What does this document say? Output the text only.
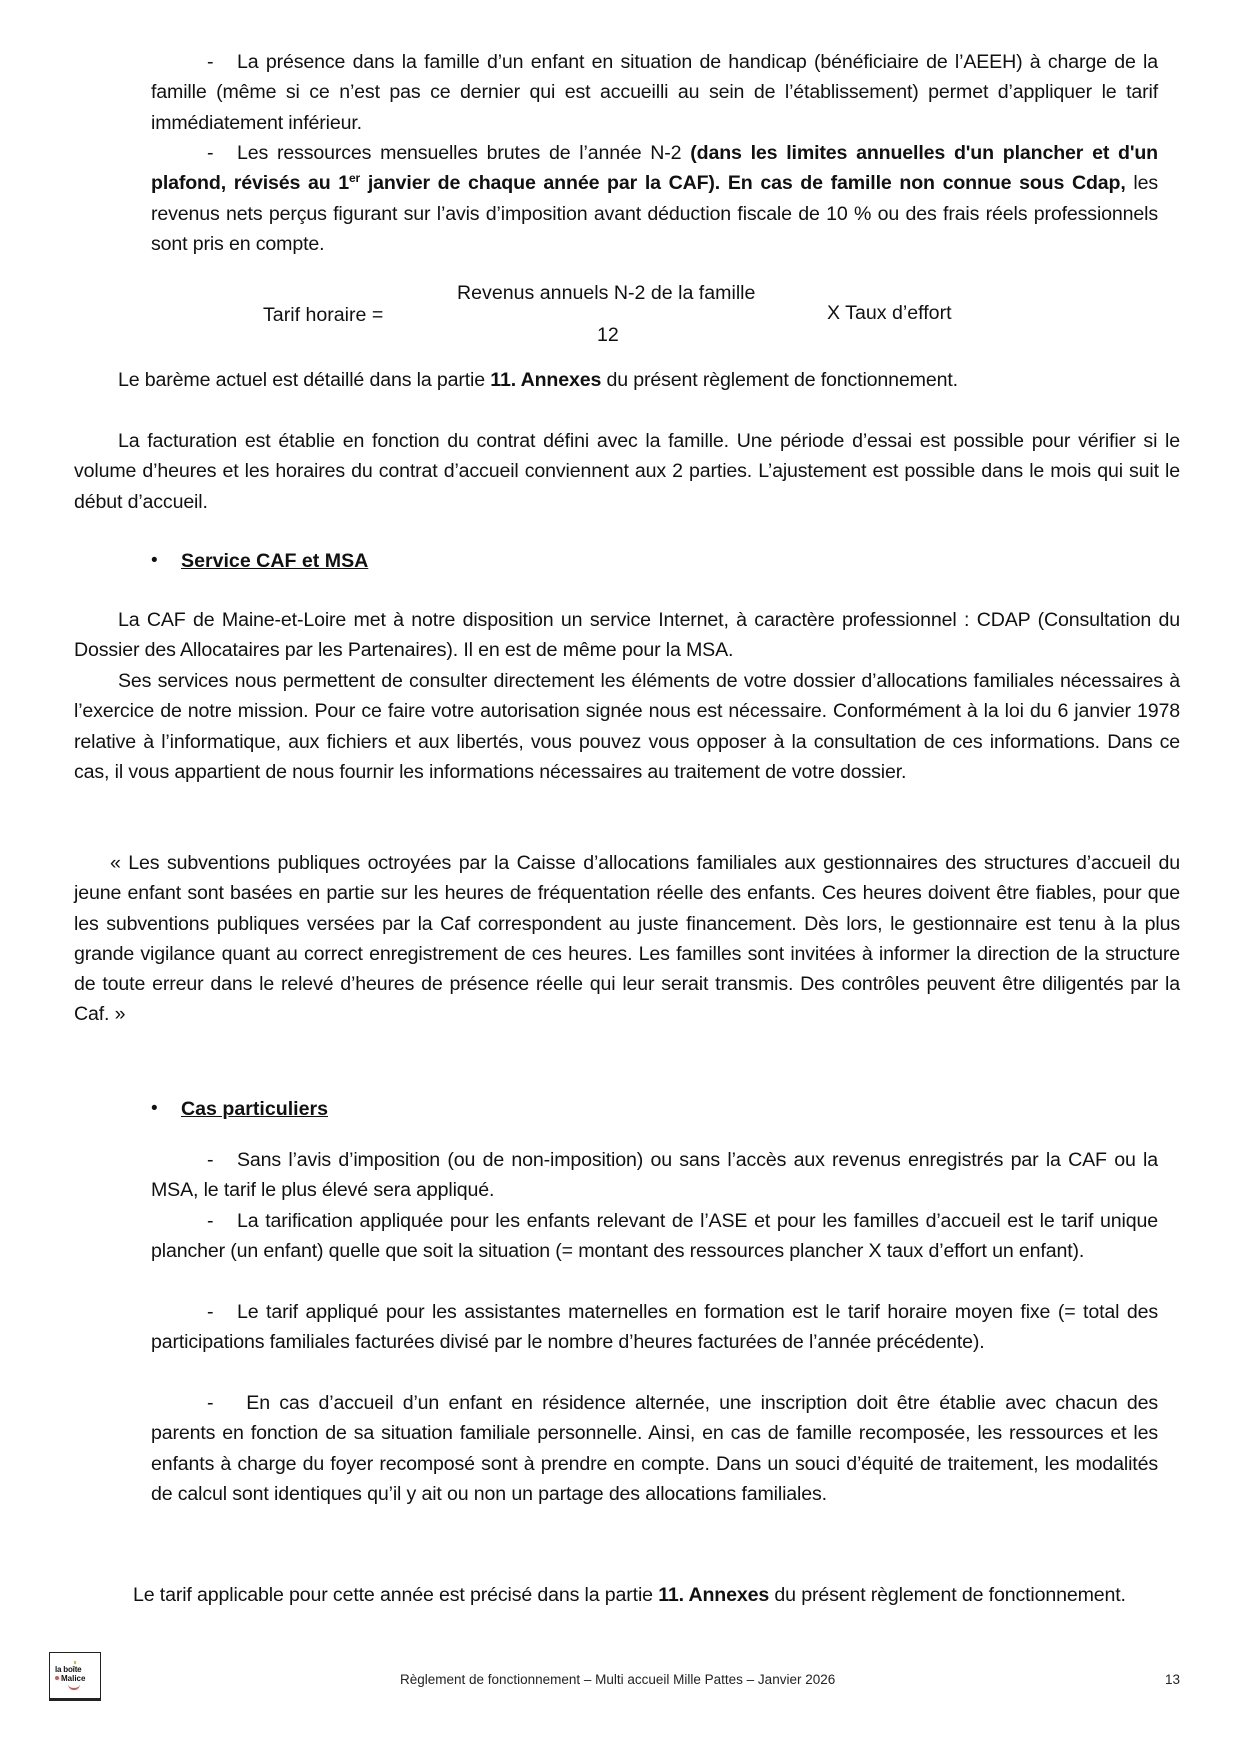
- La présence dans la famille d’un enfant en situation de handicap (bénéficiaire de l’AEEH) à charge de la famille (même si ce n’est pas ce dernier qui est accueilli au sein de l’établissement) permet d’appliquer le tarif immédiatement inférieur.
- Les ressources mensuelles brutes de l’année N-2 (dans les limites annuelles d'un plancher et d'un plafond, révisés au 1er janvier de chaque année par la CAF). En cas de famille non connue sous Cdap, les revenus nets perçus figurant sur l’avis d’imposition avant déduction fiscale de 10 % ou des frais réels professionnels sont pris en compte.
Tarif horaire =
Revenus annuels N-2 de la famille
12
X Taux d’effort
Le barème actuel est détaillé dans la partie 11. Annexes du présent règlement de fonctionnement.
La facturation est établie en fonction du contrat défini avec la famille. Une période d’essai est possible pour vérifier si le volume d’heures et les horaires du contrat d’accueil conviennent aux 2 parties. L’ajustement est possible dans le mois qui suit le début d’accueil.
•	Service CAF et MSA
La CAF de Maine-et-Loire met à notre disposition un service Internet, à caractère professionnel : CDAP (Consultation du Dossier des Allocataires par les Partenaires). Il en est de même pour la MSA.
Ses services nous permettent de consulter directement les éléments de votre dossier d’allocations familiales nécessaires à l’exercice de notre mission. Pour ce faire votre autorisation signée nous est nécessaire. Conformément à la loi du 6 janvier 1978 relative à l’informatique, aux fichiers et aux libertés, vous pouvez vous opposer à la consultation de ces informations. Dans ce cas, il vous appartient de nous fournir les informations nécessaires au traitement de votre dossier.
« Les subventions publiques octroyées par la Caisse d’allocations familiales aux gestionnaires des structures d’accueil du jeune enfant sont basées en partie sur les heures de fréquentation réelle des enfants. Ces heures doivent être fiables, pour que les subventions publiques versées par la Caf correspondent au juste financement. Dès lors, le gestionnaire est tenu à la plus grande vigilance quant au correct enregistrement de ces heures. Les familles sont invitées à informer la direction de la structure de toute erreur dans le relevé d’heures de présence réelle qui leur serait transmis. Des contrôles peuvent être diligentés par la Caf. »
•	Cas particuliers
- Sans l’avis d’imposition (ou de non-imposition) ou sans l’accès aux revenus enregistrés par la CAF ou la MSA, le tarif le plus élevé sera appliqué.
- La tarification appliquée pour les enfants relevant de l’ASE et pour les familles d’accueil est le tarif unique plancher (un enfant) quelle que soit la situation (= montant des ressources plancher X taux d’effort un enfant).
- Le tarif appliqué pour les assistantes maternelles en formation est le tarif horaire moyen fixe (= total des participations familiales facturées divisé par le nombre d’heures facturées de l’année précédente).
- En cas d’accueil d’un enfant en résidence alternée, une inscription doit être établie avec chacun des parents en fonction de sa situation familiale personnelle. Ainsi, en cas de famille recomposée, les ressources et les enfants à charge du foyer recomposé sont à prendre en compte. Dans un souci d’équité de traitement, les modalités de calcul sont identiques qu’il y ait ou non un partage des allocations familiales.
Le tarif applicable pour cette année est précisé dans la partie 11. Annexes du présent règlement de fonctionnement.
la boîte
Malice	Règlement de fonctionnement – Multi accueil Mille Pattes – Janvier 2026	13
